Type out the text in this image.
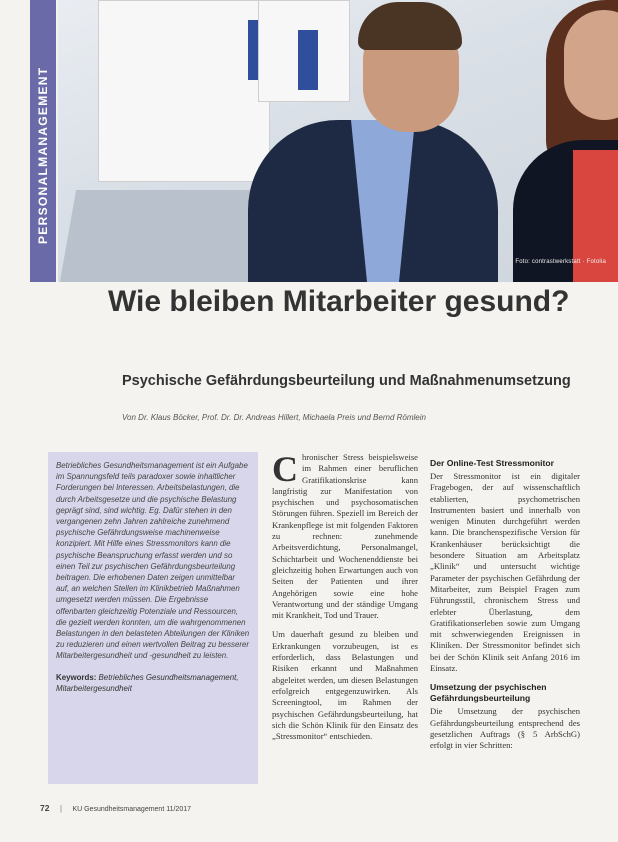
Foto: contrastwerkstatt · Fotolia
PERSONALMANAGEMENT
Wie bleiben Mitarbeiter gesund?
Psychische Gefährdungsbeurteilung und Maßnahmenumsetzung
Von Dr. Klaus Böcker, Prof. Dr. Dr. Andreas Hillert, Michaela Preis und Bernd Römlein
Betriebliches Gesundheitsmanagement ist ein Aufgabe im Spannungsfeld teils paradoxer sowie inhaltlicher Forderungen bei Interessen. Arbeitsbelastungen, die durch Arbeitsgesetze und die psychische Belastung geprägt sind, sind wichtig. Eg. Dafür stehen in den vergangenen zehn Jahren zahlreiche zunehmend psychische Gefährdungsweise machinenweise konzipiert. Mit Hilfe eines Stressmonitors kann die psychische Beanspruchung erfasst werden und so einen Teil zur psychischen Gefährdungsbeurteilung beitragen. Die erhobenen Daten zeigen unmittelbar auf, an welchen Stellen im Klinikbetrieb Maßnahmen umgesetzt werden müssen. Die Ergebnisse offenbarten gleichzeitig Potenziale und Ressourcen, die gezielt werden konnten, um die wahrgenommenen Belastungen in den belasteten Abteilungen der Kliniken zu reduzieren und einen wertvollen Beitrag zu besserer Mitarbeitergesundheit und -gesundheit zu leisten.
Keywords: Betriebliches Gesundheitsmanagement, Mitarbeitergesundheit

Chronischer Stress beispielsweise im Rahmen einer beruflichen Gratifikationskrise kann langfristig zur Manifestation von psychischen und psychosomatischen Störungen führen. Speziell im Bereich der Krankenpflege ist mit folgenden Faktoren zu rechnen: zunehmende Arbeitsverdichtung, Personalmangel, Schichtarbeit und Wochenenddienste bei gleichzeitig hohen Erwartungen auch von Seiten der Patienten und ihrer Angehörigen sowie eine hohe Verantwortung und der ständige Umgang mit Krankheit, Tod und Trauer.

Um dauerhaft gesund zu bleiben und Erkrankungen vorzubeugen, ist es erforderlich, dass Belastungen und Risiken erkannt und Maßnahmen abgeleitet werden, um diesen Belastungen erfolgreich entgegenzuwirken. Als Screeningtool, im Rahmen der psychischen Gefährdungsbeurteilung, hat sich die Schön Klinik für den Einsatz des „Stressmonitor“ entschieden.

Der Online-Test Stressmonitor

Der Stressmonitor ist ein digitaler Fragebogen, der auf wissenschaftlich etablierten, psychometrischen Instrumenten basiert und innerhalb von wenigen Minuten durchgeführt werden kann. Die branchenspezifische Version für Krankenhäuser berücksichtigt die besondere Situation am Arbeitsplatz „Klinik“ und untersucht wichtige Parameter der psychischen Gefährdung der Mitarbeiter, zum Beispiel Fragen zum Führungsstil, chronischem Stress und erlebter Überlastung, dem Gratifikationserleben sowie zum Umgang mit schwerwiegenden Ereignissen in Kliniken. Der Stressmonitor befindet sich bei der Schön Klinik seit Anfang 2016 im Einsatz.

Umsetzung der psychischen Gefährdungsbeurteilung

Die Umsetzung der psychischen Gefährdungsbeurteilung entsprechend des gesetzlichen Auftrags (§ 5 ArbSchG) erfolgt in vier Schritten:

72 | KU Gesundheitsmanagement 11/2017
